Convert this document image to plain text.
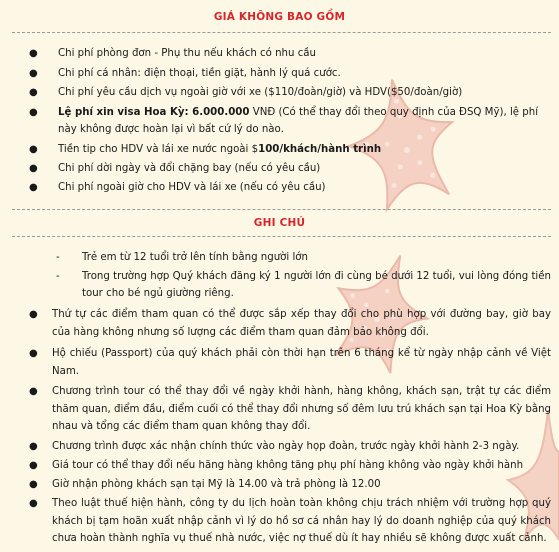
GIÁ KHÔNG BAO GỒM
● Chi phí phòng đơn - Phụ thu nếu khách có nhu cầu
● Chi phí cá nhân: điện thoại, tiền giặt, hành lý quá cước.
● Chi phí yêu cầu dịch vụ ngoài giờ với xe ($110/đoàn/giờ) và HDV($50/đoàn/giờ)
● Lệ phí xin visa Hoa Kỳ: 6.000.000 VNĐ (Có thể thay đổi theo quy định của ĐSQ Mỹ), lệ phí này không được hoàn lại vì bất cứ lý do nào.
● Tiền tip cho HDV và lái xe nước ngoài $100/khách/hành trình
● Chi phí dời ngày và đổi chặng bay (nếu có yêu cầu)
● Chi phí ngoài giờ cho HDV và lái xe (nếu có yêu cầu)
GHI CHÚ
- Trẻ em từ 12 tuổi trở lên tính bằng người lớn
- Trong trường hợp Quý khách đăng ký 1 người lớn đi cùng bé dưới 12 tuổi, vui lòng đóng tiền tour cho bé ngủ giường riêng.
● Thứ tự các điểm tham quan có thể được sắp xếp thay đổi cho phù hợp với đường bay, giờ bay của hàng không nhưng số lượng các điểm tham quan đảm bảo không đổi.
● Hộ chiếu (Passport) của quý khách phải còn thời hạn trên 6 tháng kể từ ngày nhập cảnh về Việt Nam.
● Chương trình tour có thể thay đổi về ngày khởi hành, hàng không, khách sạn, trật tự các điểm thăm quan, điểm đầu, điểm cuối có thể thay đổi nhưng số đêm lưu trú khách sạn tại Hoa Kỳ bằng nhau và tổng các điểm tham quan không thay đổi.
● Chương trình được xác nhận chính thức vào ngày họp đoàn, trước ngày khởi hành 2-3 ngày.
● Giá tour có thể thay đổi nếu hãng hàng không tăng phụ phí hàng không vào ngày khởi hành
● Giờ nhận phòng khách sạn tại Mỹ là 14.00 và trả phòng là 12.00
● Theo luật thuế hiện hành, công ty du lịch hoàn toàn không chịu trách nhiệm với trường hợp quý khách bị tạm hoãn xuất nhập cảnh vì lý do hồ sơ cá nhân hay lý do doanh nghiệp của quý khách chưa hoàn thành nghĩa vụ thuế nhà nước, việc nợ thuế dù ít hay nhiều sẽ không được xuất cảnh.
